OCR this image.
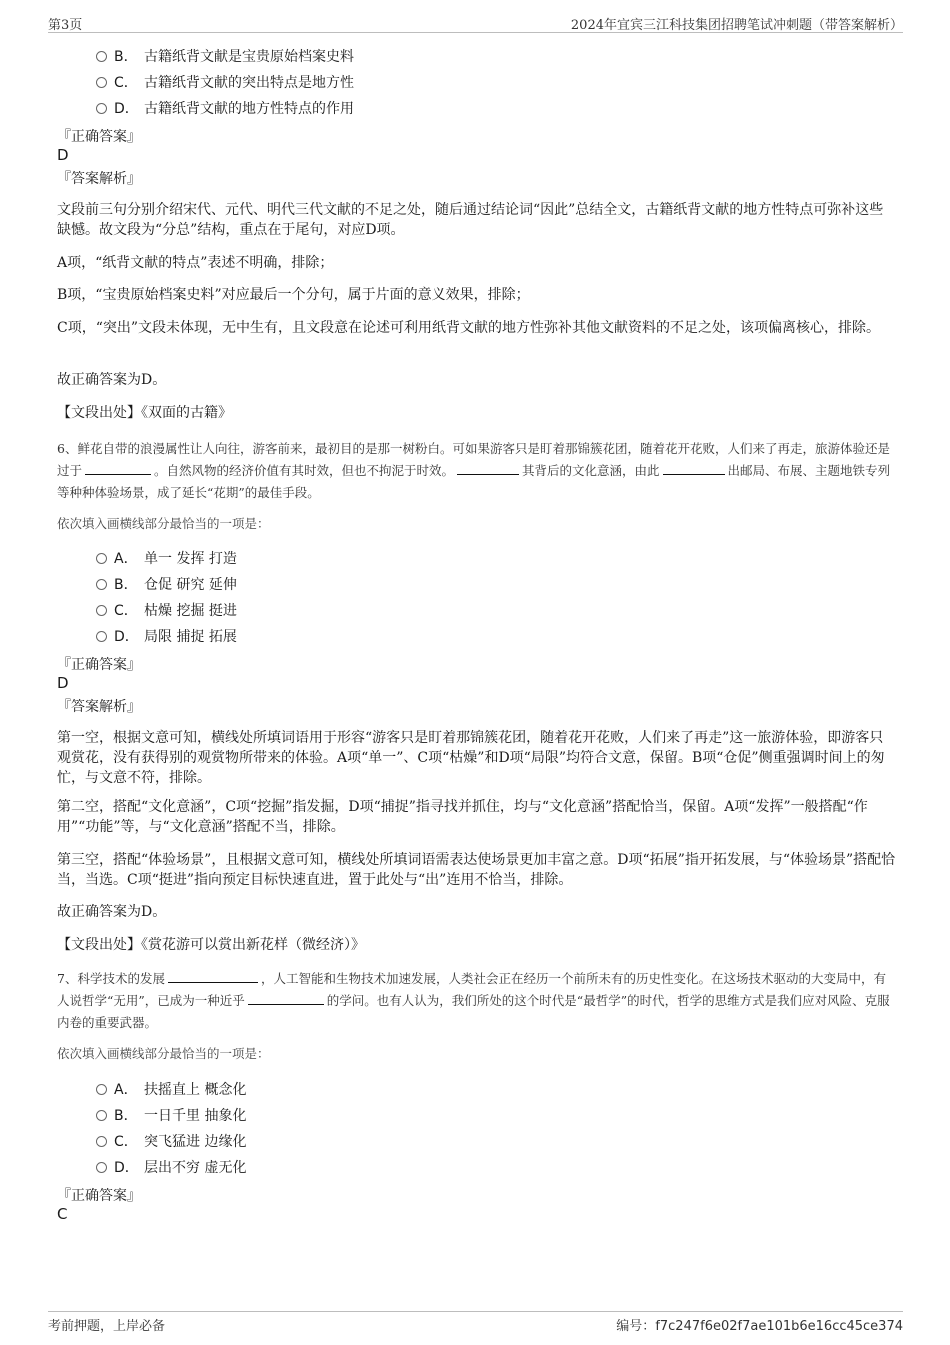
第3页	2024年宜宾三江科技集团招聘笔试冲刺题（带答案解析）
B． 古籍纸背文献是宝贵原始档案史料
C． 古籍纸背文献的突出特点是地方性
D． 古籍纸背文献的地方性特点的作用
『正确答案』
D
『答案解析』
文段前三句分别介绍宋代、元代、明代三代文献的不足之处，随后通过结论词“因此”总结全文，古籍纸背文献的地方性特点可弥补这些缺憾。故文段为“分总”结构，重点在于尾句，对应D项。
A项，“纸背文献的特点”表述不明确，排除；
B项，“宝贵原始档案史料”对应最后一个分句，属于片面的意义效果，排除；
C项，“突出”文段未体现，无中生有，且文段意在论述可利用纸背文献的地方性弥补其他文献资料的不足之处，该项偏离核心，排除。
故正确答案为D。
【文段出处】《双面的古籍》
6、鲜花自带的浪漫属性让人向往，游客前来，最初目的是那一树粉白。可如果游客只是盯着那锦簇花团，随着花开花败，人们来了再走，旅游体验还是过于	。自然风物的经济价值有其时效，但也不拘泥于时效。	其背后的文化意涵，由此	出邮局、布展、主题地铁专列等种种体验场景，成了延长“花期”的最佳手段。
依次填入画横线部分最恰当的一项是：
A． 单一 发挥 打造
B． 仓促 研究 延伸
C． 枯燥 挖掘 挺进
D． 局限 捕捉 拓展
『正确答案』
D
『答案解析』
第一空，根据文意可知，横线处所填词语用于形容“游客只是盯着那锦簇花团，随着花开花败，人们来了再走”这一旅游体验，即游客只观赏花，没有获得别的观赏物所带来的体验。A项“单一”、C项“枯燥”和D项“局限”均符合文意，保留。B项“仓促”侧重强调时间上的匆忙，与文意不符，排除。
第二空，搭配“文化意涵”，C项“挖掘”指发掘，D项“捕捉”指寻找并抓住，均与“文化意涵”搭配恰当，保留。A项“发挥”一般搭配“作用”“功能”等，与“文化意涵”搭配不当，排除。
第三空，搭配“体验场景”，且根据文意可知，横线处所填词语需表达使场景更加丰富之意。D项“拓展”指开拓发展，与“体验场景”搭配恰当，当选。C项“挺进”指向预定目标快速直进，置于此处与“出”连用不恰当，排除。
故正确答案为D。
【文段出处】《赏花游可以赏出新花样（微经济）》
7、科学技术的发展	，人工智能和生物技术加速发展，人类社会正在经历一个前所未有的历史性变化。在这场技术驱动的大变局中，有人说哲学“无用”，已成为一种近乎	的学问。也有人认为，我们所处的这个时代是“最哲学”的时代，哲学的思维方式是我们应对风险、克服内卷的重要武器。
依次填入画横线部分最恰当的一项是：
A． 扶摇直上 概念化
B． 一日千里 抽象化
C． 突飞猛进 边缘化
D． 层出不穷 虚无化
『正确答案』
C
考前押题，上岸必备	编号：f7c247f6e02f7ae101b6e16cc45ce374
